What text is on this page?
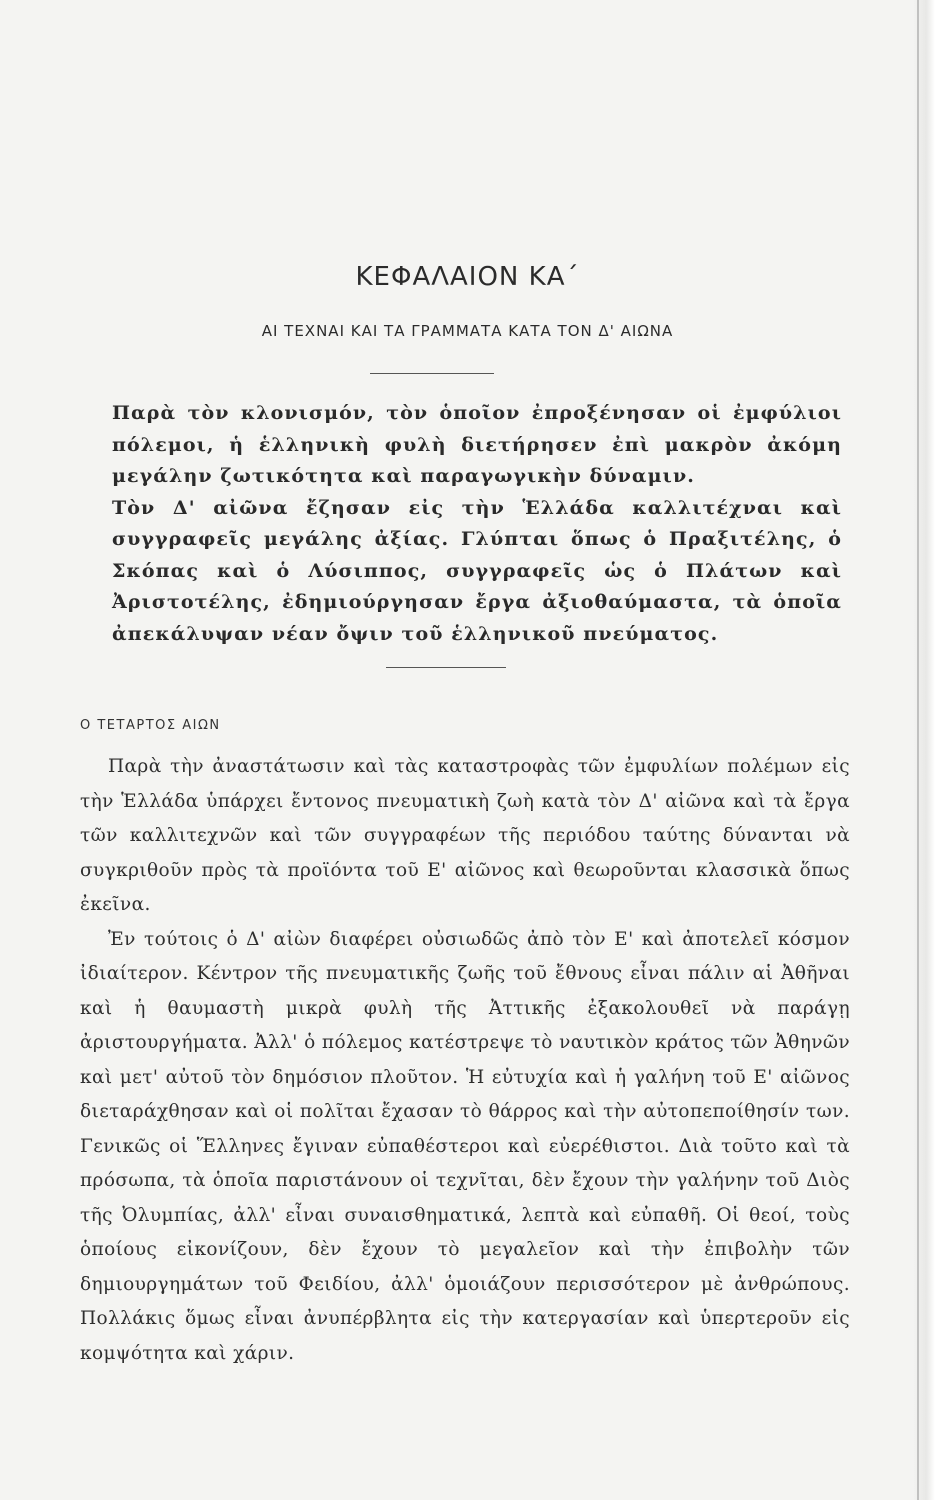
ΚΕΦΑΛΑΙΟΝ ΚΑ΄
ΑΙ ΤΕΧΝΑΙ ΚΑΙ ΤΑ ΓΡΑΜΜΑΤΑ ΚΑΤΑ ΤΟΝ Δ' ΑΙΩΝΑ

Παρὰ τὸν κλονισμόν, τὸν ὁποῖον ἐπροξένησαν οἱ ἐμφύλιοι πόλεμοι, ἡ ἑλληνικὴ φυλὴ διετήρησεν ἐπὶ μακρὸν ἀκόμη μεγάλην ζωτικότητα καὶ παραγωγικὴν δύναμιν.

Τὸν Δ' αἰῶνα ἔζησαν εἰς τὴν Ἑλλάδα καλλιτέχναι καὶ συγγραφεῖς μεγάλης ἀξίας. Γλύπται ὅπως ὁ Πραξιτέλης, ὁ Σκόπας καὶ ὁ Λύσιππος, συγγραφεῖς ὡς ὁ Πλάτων καὶ Ἀριστοτέλης, ἐδημιούργησαν ἔργα ἀξιοθαύμαστα, τὰ ὁποῖα ἀπεκάλυψαν νέαν ὄψιν τοῦ ἑλληνικοῦ πνεύματος.

Ο ΤΕΤΑΡΤΟΣ ΑΙΩΝ

Παρὰ τὴν ἀναστάτωσιν καὶ τὰς καταστροφὰς τῶν ἐμφυλίων πολέμων εἰς τὴν Ἑλλάδα ὑπάρχει ἔντονος πνευματικὴ ζωὴ κατὰ τὸν Δ' αἰῶνα καὶ τὰ ἔργα τῶν καλλιτεχνῶν καὶ τῶν συγγραφέων τῆς περιόδου ταύτης δύνανται νὰ συγκριθοῦν πρὸς τὰ προϊόντα τοῦ Ε' αἰῶνος καὶ θεωροῦνται κλασσικὰ ὅπως ἐκεῖνα.

Ἐν τούτοις ὁ Δ' αἰὼν διαφέρει οὐσιωδῶς ἀπὸ τὸν Ε' καὶ ἀποτελεῖ κόσμον ἰδιαίτερον. Κέντρον τῆς πνευματικῆς ζωῆς τοῦ ἔθνους εἶναι πάλιν αἱ Ἀθῆναι καὶ ἡ θαυμαστὴ μικρὰ φυλὴ τῆς Ἀττικῆς ἐξακολουθεῖ νὰ παράγῃ ἀριστουργήματα. Ἀλλ' ὁ πόλεμος κατέστρεψε τὸ ναυτικὸν κράτος τῶν Ἀθηνῶν καὶ μετ' αὐτοῦ τὸν δημόσιον πλοῦτον. Ἡ εὐτυχία καὶ ἡ γαλήνη τοῦ Ε' αἰῶνος διεταράχθησαν καὶ οἱ πολῖται ἔχασαν τὸ θάρρος καὶ τὴν αὐτοπεποίθησίν των. Γενικῶς οἱ Ἕλληνες ἔγιναν εὐπαθέστεροι καὶ εὐερέθιστοι. Διὰ τοῦτο καὶ τὰ πρόσωπα, τὰ ὁποῖα παριστάνουν οἱ τεχνῖται, δὲν ἔχουν τὴν γαλήνην τοῦ Διὸς τῆς Ὀλυμπίας, ἀλλ' εἶναι συναισθηματικά, λεπτὰ καὶ εὐπαθῆ. Οἱ θεοί, τοὺς ὁποίους εἰκονίζουν, δὲν ἔχουν τὸ μεγαλεῖον καὶ τὴν ἐπιβολὴν τῶν δημιουργημάτων τοῦ Φειδίου, ἀλλ' ὁμοιάζουν περισσότερον μὲ ἀνθρώπους. Πολλάκις ὅμως εἶναι ἀνυπέρβλητα εἰς τὴν κατεργασίαν καὶ ὑπερτεροῦν εἰς κομψότητα καὶ χάριν.
